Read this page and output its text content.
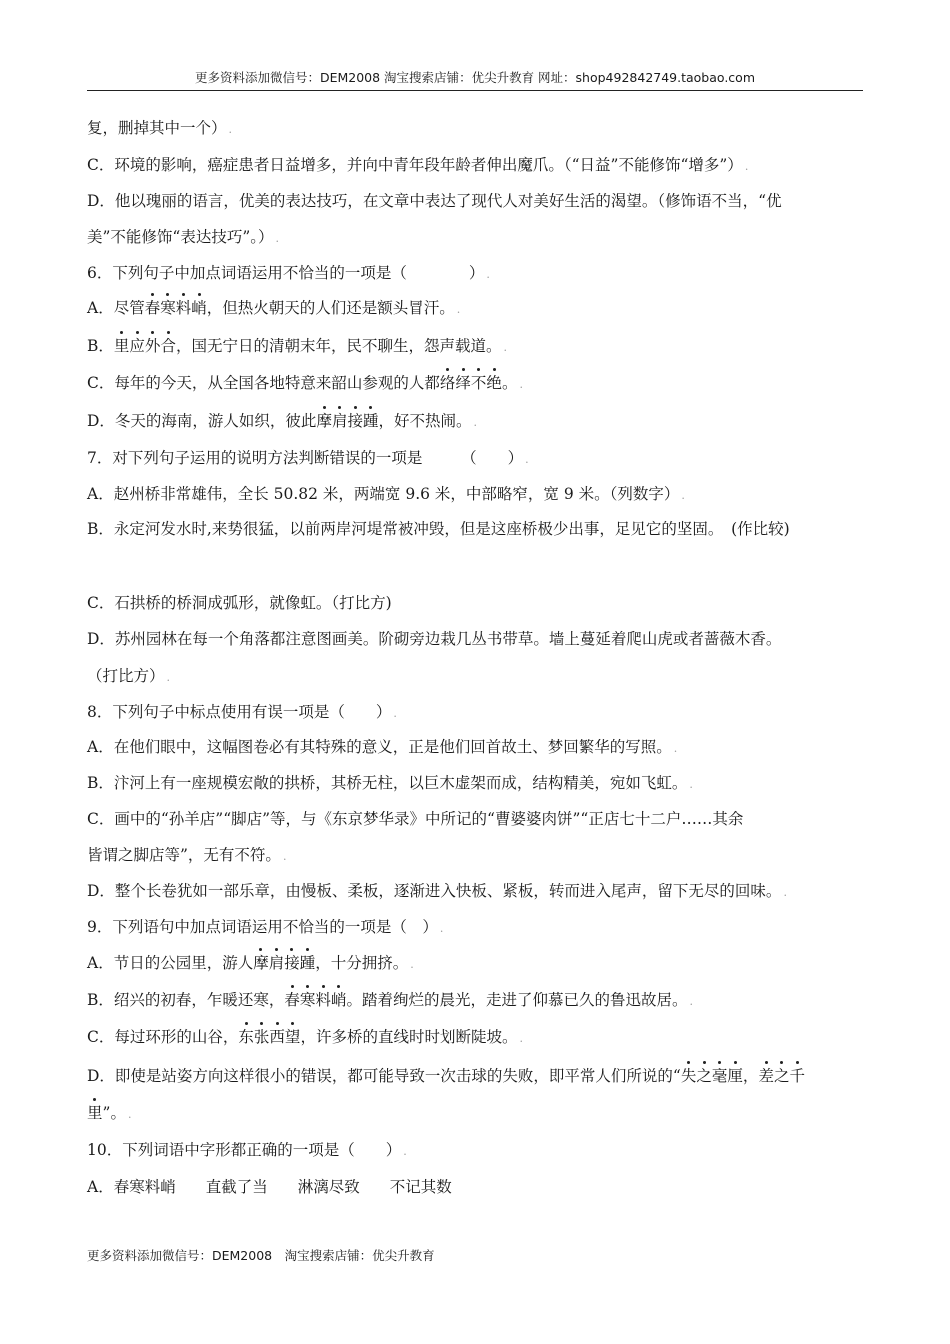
更多资料添加微信号：DEM2008 淘宝搜索店铺：优尖升教育 网址：shop492842749.taobao.com
复，删掉其中一个） .
C．环境的影响，癌症患者日益增多，并向中青年段年龄者伸出魔爪。（“日益”不能修饰“增多”） .
D．他以瑰丽的语言，优美的表达技巧，在文章中表达了现代人对美好生活的渴望。（修饰语不当，“优
美”不能修饰“表达技巧”。） .
6．下列句子中加点词语运用不恰当的一项是（　　　　） .
A．尽管春寒料峭，但热火朝天的人们还是额头冒汗。 .
B．里应外合，国无宁日的清朝末年，民不聊生，怨声载道。 .
C．每年的今天，从全国各地特意来韶山参观的人都络绎不绝。 .
D．冬天的海南，游人如织，彼此摩肩接踵，好不热闹。 .
7．对下列句子运用的说明方法判断错误的一项是　　　（　　） .
A．赵州桥非常雄伟，全长 50.82 米，两端宽 9.6 米，中部略窄，宽 9 米。（列数字） .
B．永定河发水时,来势很猛，以前两岸河堤常被冲毁，但是这座桥极少出事，足见它的坚固。　(作比较)
C．石拱桥的桥洞成弧形，就像虹。（打比方)
D．苏州园林在每一个角落都注意图画美。阶砌旁边栽几丛书带草。墙上蔓延着爬山虎或者蔷薇木香。
（打比方） .
8．下列句子中标点使用有误一项是（　　） .
A．在他们眼中，这幅图卷必有其特殊的意义，正是他们回首故土、梦回繁华的写照。 .
B．汴河上有一座规模宏敞的拱桥，其桥无柱，以巨木虚架而成，结构精美，宛如飞虹。 .
C．画中的“孙羊店”“脚店”等，与《东京梦华录》中所记的“曹婆婆肉饼”“正店七十二户……其余
皆谓之脚店等”，无有不符。 .
D．整个长卷犹如一部乐章，由慢板、柔板，逐渐进入快板、紧板，转而进入尾声，留下无尽的回味。 .
9．下列语句中加点词语运用不恰当的一项是（　） .
A．节日的公园里，游人摩肩接踵，十分拥挤。 .
B．绍兴的初春，乍暖还寒，春寒料峭。踏着绚烂的晨光，走进了仰慕已久的鲁迅故居。 .
C．每过环形的山谷，东张西望，许多桥的直线时时划断陡坡。 .
D．即使是站姿方向这样很小的错误，都可能导致一次击球的失败，即平常人们所说的“失之毫厘，差之千
里”。 .
10．下列词语中字形都正确的一项是（　　） .
A．春寒料峭 直截了当 淋漓尽致 不记其数
更多资料添加微信号：DEM2008　淘宝搜索店铺：优尖升教育
